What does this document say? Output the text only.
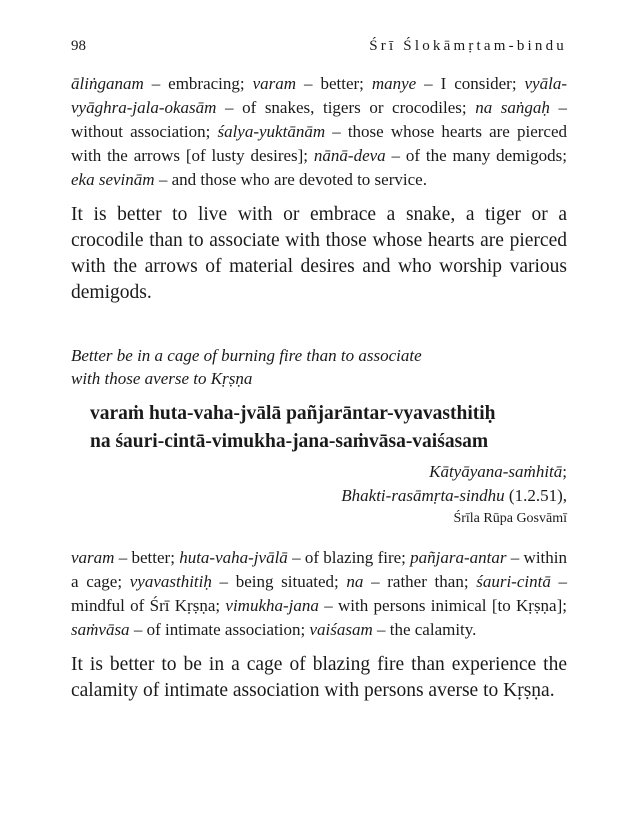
98	Śrī Ślokāmṛtam-bindu
āliṅganam – embracing; varam – better; manye – I consider; vyāla-vyāghra-jala-okasām – of snakes, tigers or crocodiles; na saṅgaḥ – without association; śalya-yuktānām – those whose hearts are pierced with the arrows [of lusty desires]; nānā-deva – of the many demigods; eka sevinām – and those who are devoted to service.
It is better to live with or embrace a snake, a tiger or a crocodile than to associate with those whose hearts are pierced with the arrows of material desires and who worship various demigods.
Better be in a cage of burning fire than to associate
with those averse to Kṛṣṇa
varaṁ huta-vaha-jvālā pañjarāntar-vyavasthitiḥ
na śauri-cintā-vimukha-jana-saṁvāsa-vaiśasam
Kātyāyana-saṁhitā;
Bhakti-rasāmṛta-sindhu (1.2.51),
Śrīla Rūpa Gosvāmī
varam – better; huta-vaha-jvālā – of blazing fire; pañjara-antar – within a cage; vyavasthitiḥ – being situated; na – rather than; śauri-cintā – mindful of Śrī Kṛṣṇa; vimukha-jana – with persons inimical [to Kṛṣṇa]; saṁvāsa – of intimate association; vaiśasam – the calamity.
It is better to be in a cage of blazing fire than experience the calamity of intimate association with persons averse to Kṛṣṇa.
